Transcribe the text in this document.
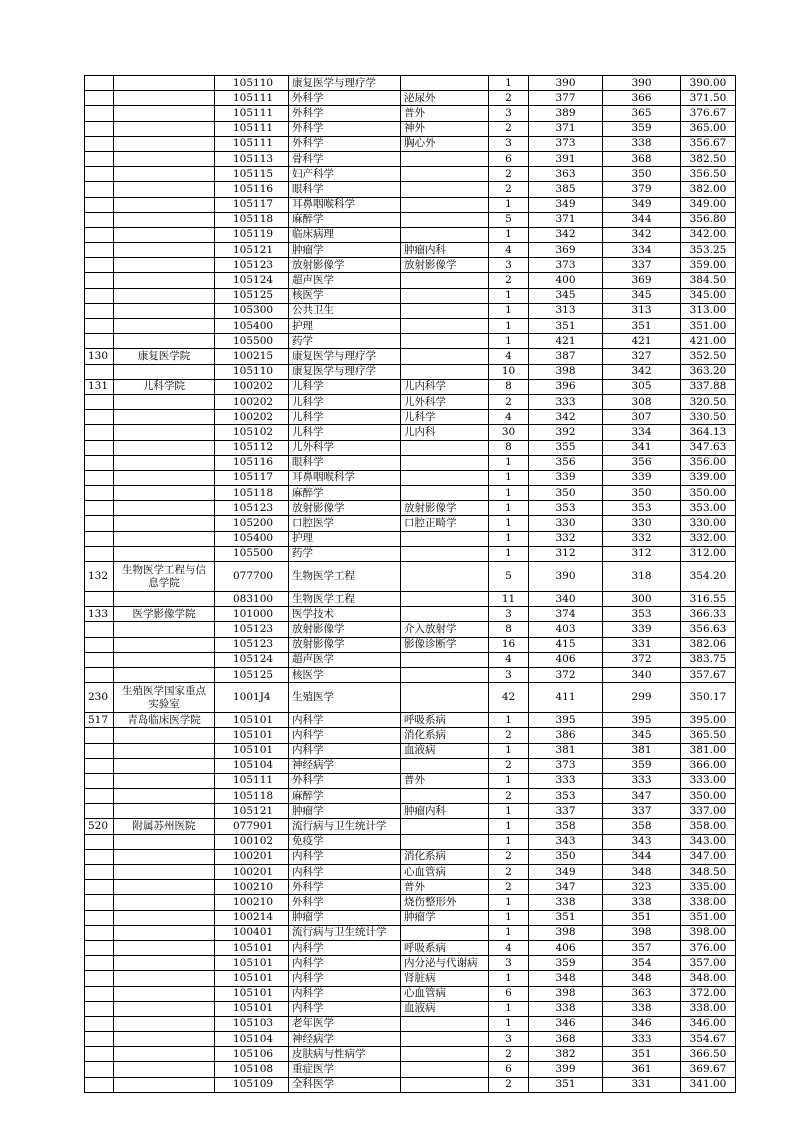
		105110	康复医学与理疗学		1	390	390	390.00
		105111	外科学	泌尿外	2	377	366	371.50
		105111	外科学	普外	3	389	365	376.67
		105111	外科学	神外	2	371	359	365.00
		105111	外科学	胸心外	3	373	338	356.67
		105113	骨科学		6	391	368	382.50
		105115	妇产科学		2	363	350	356.50
		105116	眼科学		2	385	379	382.00
		105117	耳鼻咽喉科学		1	349	349	349.00
		105118	麻醉学		5	371	344	356.80
		105119	临床病理		1	342	342	342.00
		105121	肿瘤学	肿瘤内科	4	369	334	353.25
		105123	放射影像学	放射影像学	3	373	337	359.00
		105124	超声医学		2	400	369	384.50
		105125	核医学		1	345	345	345.00
		105300	公共卫生		1	313	313	313.00
		105400	护理		1	351	351	351.00
		105500	药学		1	421	421	421.00
130	康复医学院	100215	康复医学与理疗学		4	387	327	352.50
		105110	康复医学与理疗学		10	398	342	363.20
131	儿科学院	100202	儿科学	儿内科学	8	396	305	337.88
		100202	儿科学	儿外科学	2	333	308	320.50
		100202	儿科学	儿科学	4	342	307	330.50
		105102	儿科学	儿内科	30	392	334	364.13
		105112	儿外科学		8	355	341	347.63
		105116	眼科学		1	356	356	356.00
		105117	耳鼻咽喉科学		1	339	339	339.00
		105118	麻醉学		1	350	350	350.00
		105123	放射影像学	放射影像学	1	353	353	353.00
		105200	口腔医学	口腔正畸学	1	330	330	330.00
		105400	护理		1	332	332	332.00
		105500	药学		1	312	312	312.00
132	生物医学工程与信息学院	077700	生物医学工程		5	390	318	354.20
		083100	生物医学工程		11	340	300	316.55
133	医学影像学院	101000	医学技术		3	374	353	366.33
		105123	放射影像学	介入放射学	8	403	339	356.63
		105123	放射影像学	影像诊断学	16	415	331	382.06
		105124	超声医学		4	406	372	383.75
		105125	核医学		3	372	340	357.67
230	生殖医学国家重点实验室	1001J4	生殖医学		42	411	299	350.17
517	青岛临床医学院	105101	内科学	呼吸系病	1	395	395	395.00
		105101	内科学	消化系病	2	386	345	365.50
		105101	内科学	血液病	1	381	381	381.00
		105104	神经病学		2	373	359	366.00
		105111	外科学	普外	1	333	333	333.00
		105118	麻醉学		2	353	347	350.00
		105121	肿瘤学	肿瘤内科	1	337	337	337.00
520	附属苏州医院	077901	流行病与卫生统计学		1	358	358	358.00
		100102	免疫学		1	343	343	343.00
		100201	内科学	消化系病	2	350	344	347.00
		100201	内科学	心血管病	2	349	348	348.50
		100210	外科学	普外	2	347	323	335.00
		100210	外科学	烧伤整形外	1	338	338	338.00
		100214	肿瘤学	肿瘤学	1	351	351	351.00
		100401	流行病与卫生统计学		1	398	398	398.00
		105101	内科学	呼吸系病	4	406	357	376.00
		105101	内科学	内分泌与代谢病	3	359	354	357.00
		105101	内科学	肾脏病	1	348	348	348.00
		105101	内科学	心血管病	6	398	363	372.00
		105101	内科学	血液病	1	338	338	338.00
		105103	老年医学		1	346	346	346.00
		105104	神经病学		3	368	333	354.67
		105106	皮肤病与性病学		2	382	351	366.50
		105108	重症医学		6	399	361	369.67
		105109	全科医学		2	351	331	341.00
